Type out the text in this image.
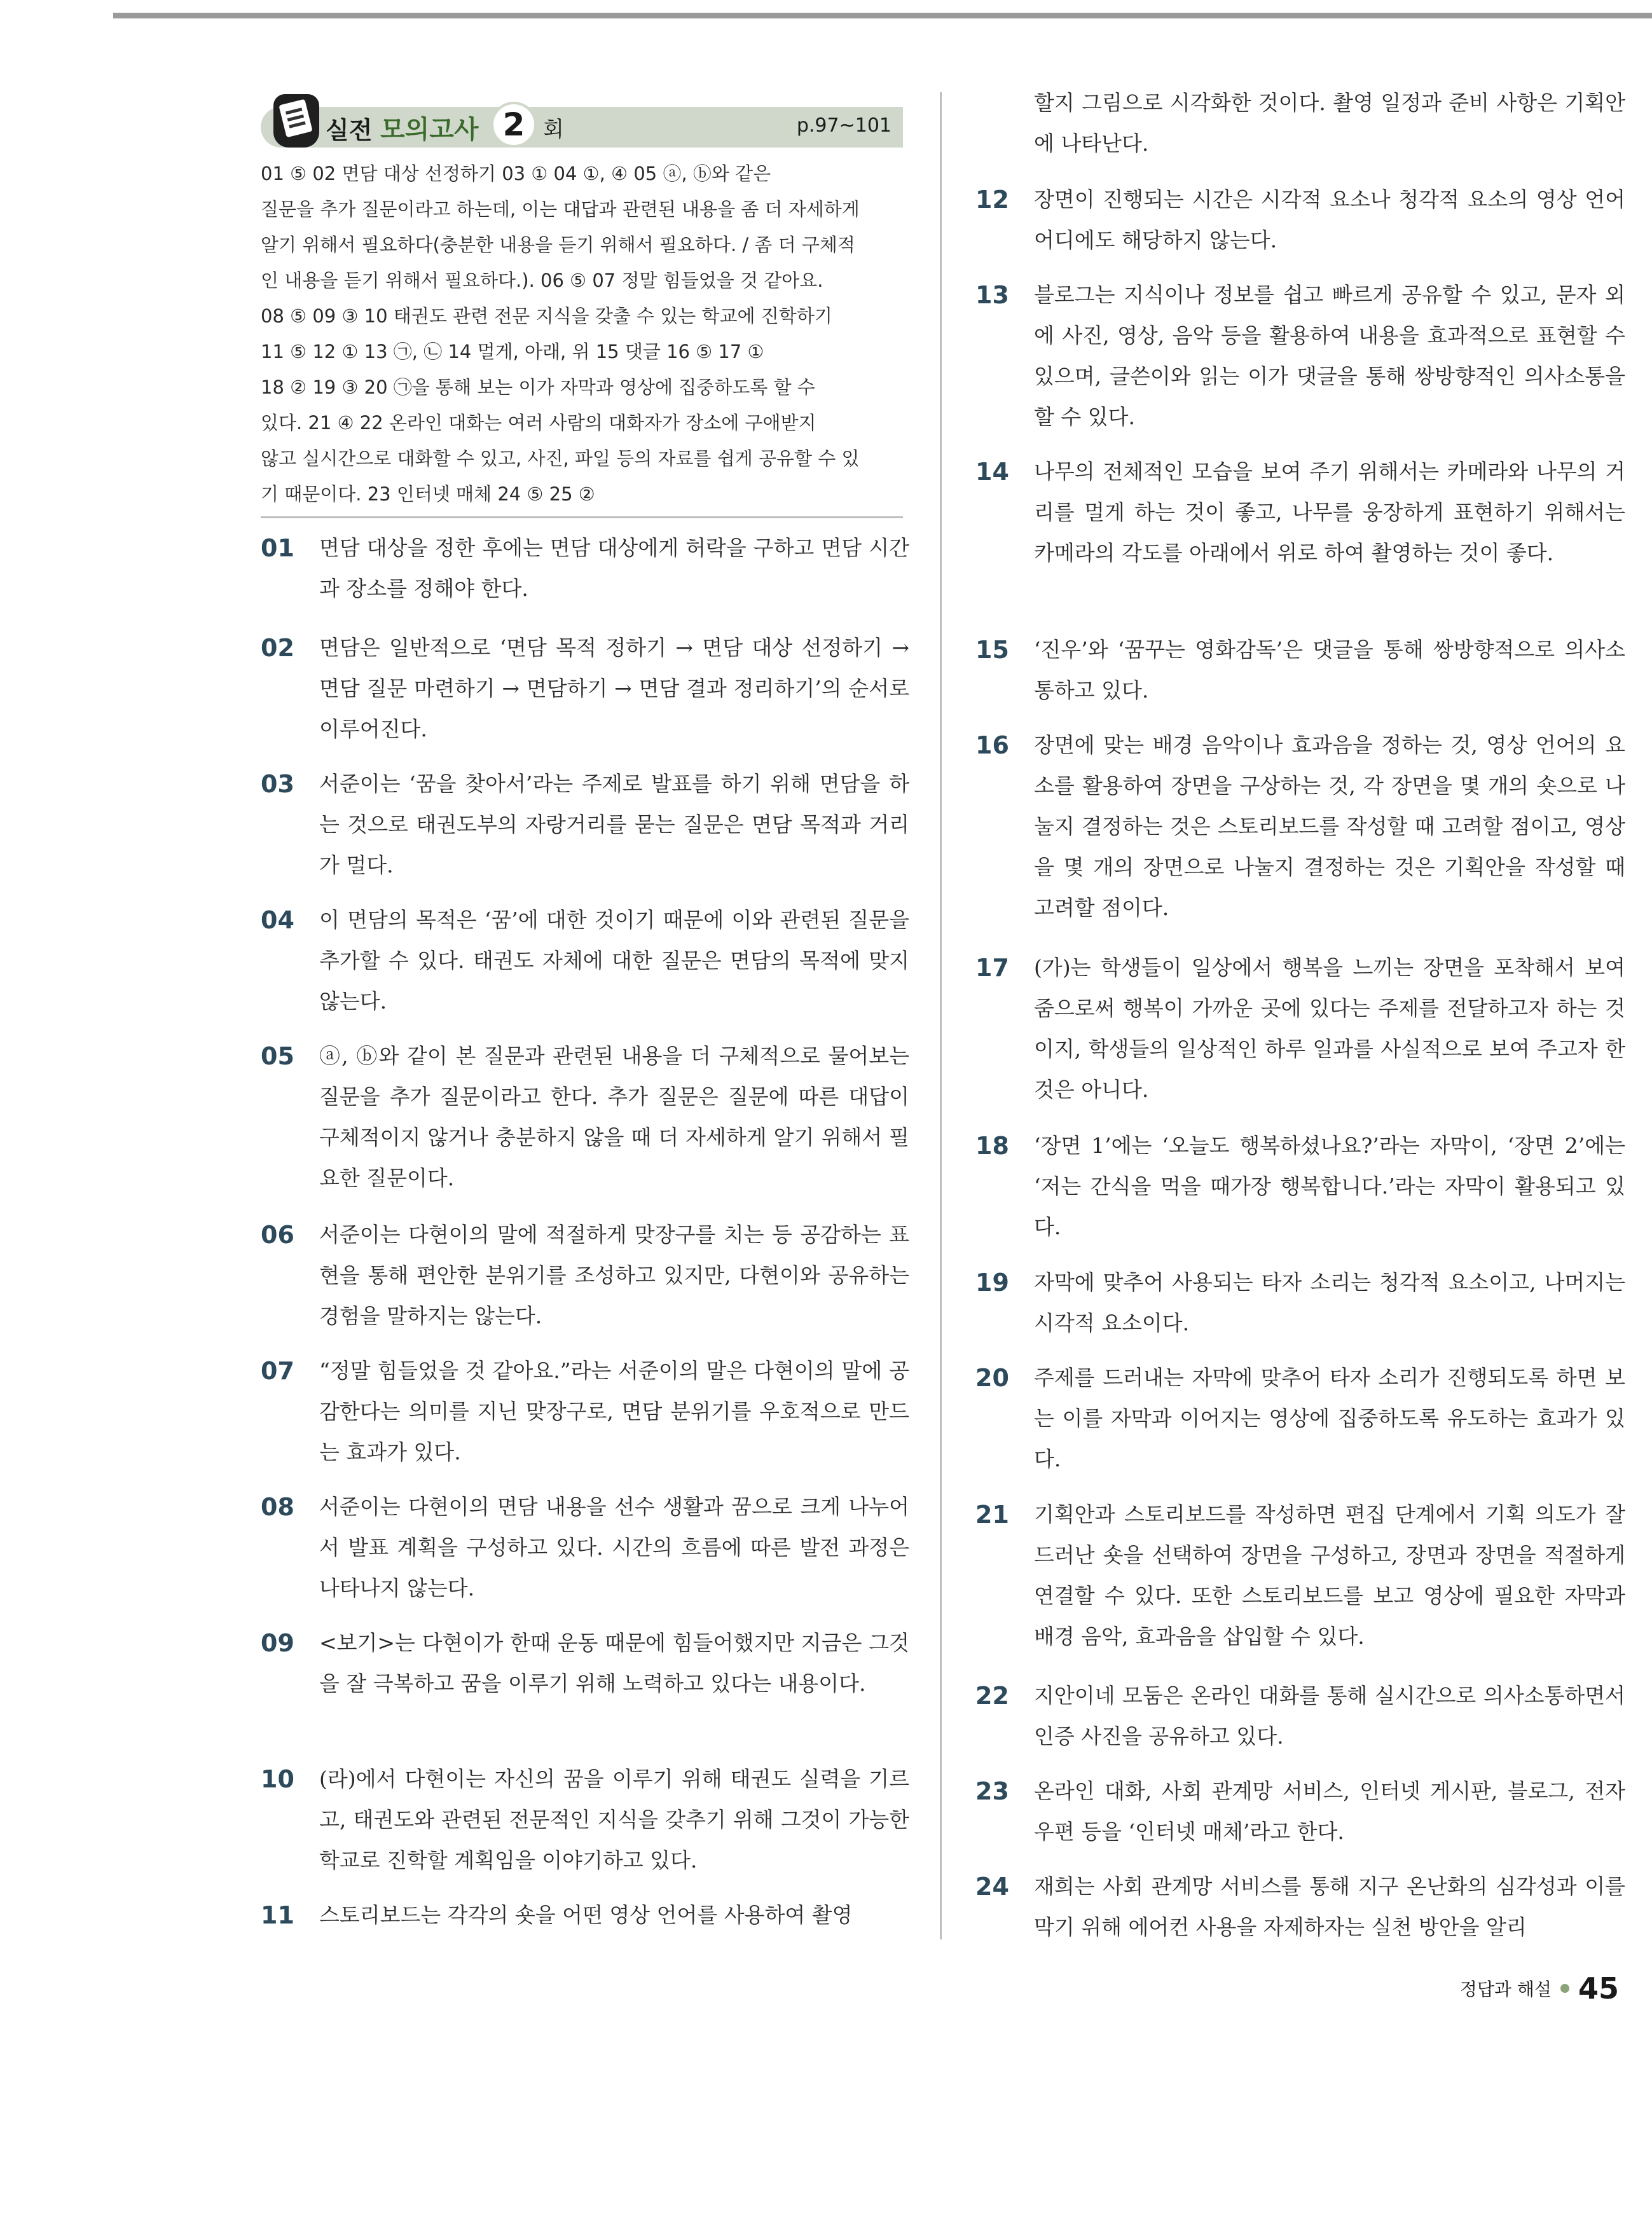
실전 모의고사 2 회	p.97~101

01 ⑤ 02 면담 대상 선정하기 03 ① 04 ①, ④ 05 ⓐ, ⓑ와 같은

질문을 추가 질문이라고 하는데, 이는 대답과 관련된 내용을 좀 더 자세하게

알기 위해서 필요하다(충분한 내용을 듣기 위해서 필요하다. / 좀 더 구체적

인 내용을 듣기 위해서 필요하다.). 06 ⑤ 07 정말 힘들었을 것 같아요.

08 ⑤ 09 ③ 10 태권도 관련 전문 지식을 갖출 수 있는 학교에 진학하기

11 ⑤ 12 ① 13 ㉠, ㉡ 14 멀게, 아래, 위 15 댓글 16 ⑤ 17 ①

18 ② 19 ③ 20 ㉠을 통해 보는 이가 자막과 영상에 집중하도록 할 수

있다. 21 ④ 22 온라인 대화는 여러 사람의 대화자가 장소에 구애받지

않고 실시간으로 대화할 수 있고, 사진, 파일 등의 자료를 쉽게 공유할 수 있

기 때문이다. 23 인터넷 매체 24 ⑤ 25 ②

01 면담 대상을 정한 후에는 면담 대상에게 허락을 구하고 면담 시간과 장소를 정해야 한다.
02 면담은 일반적으로 ‘면담 목적 정하기 → 면담 대상 선정하기 → 면담 질문 마련하기 → 면담하기 → 면담 결과 정리하기’의 순서로 이루어진다.
03 서준이는 ‘꿈을 찾아서’라는 주제로 발표를 하기 위해 면담을 하는 것으로 태권도부의 자랑거리를 묻는 질문은 면담 목적과 거리가 멀다.
04 이 면담의 목적은 ‘꿈’에 대한 것이기 때문에 이와 관련된 질문을 추가할 수 있다. 태권도 자체에 대한 질문은 면담의 목적에 맞지 않는다.
05 ⓐ, ⓑ와 같이 본 질문과 관련된 내용을 더 구체적으로 물어보는 질문을 추가 질문이라고 한다. 추가 질문은 질문에 따른 대답이 구체적이지 않거나 충분하지 않을 때 더 자세하게 알기 위해서 필요한 질문이다.
06 서준이는 다현이의 말에 적절하게 맞장구를 치는 등 공감하는 표현을 통해 편안한 분위기를 조성하고 있지만, 다현이와 공유하는 경험을 말하지는 않는다.
07 “정말 힘들었을 것 같아요.”라는 서준이의 말은 다현이의 말에 공감한다는 의미를 지닌 맞장구로, 면담 분위기를 우호적으로 만드는 효과가 있다.
08 서준이는 다현이의 면담 내용을 선수 생활과 꿈으로 크게 나누어서 발표 계획을 구성하고 있다. 시간의 흐름에 따른 발전 과정은 나타나지 않는다.
09 <보기>는 다현이가 한때 운동 때문에 힘들어했지만 지금은 그것을 잘 극복하고 꿈을 이루기 위해 노력하고 있다는 내용이다.
10 (라)에서 다현이는 자신의 꿈을 이루기 위해 태권도 실력을 기르고, 태권도와 관련된 전문적인 지식을 갖추기 위해 그것이 가능한 학교로 진학할 계획임을 이야기하고 있다.
11 스토리보드는 각각의 숏을 어떤 영상 언어를 사용하여 촬영
할지 그림으로 시각화한 것이다. 촬영 일정과 준비 사항은 기획안에 나타난다.
12 장면이 진행되는 시간은 시각적 요소나 청각적 요소의 영상 언어 어디에도 해당하지 않는다.
13 블로그는 지식이나 정보를 쉽고 빠르게 공유할 수 있고, 문자 외에 사진, 영상, 음악 등을 활용하여 내용을 효과적으로 표현할 수 있으며, 글쓴이와 읽는 이가 댓글을 통해 쌍방향적인 의사소통을 할 수 있다.
14 나무의 전체적인 모습을 보여 주기 위해서는 카메라와 나무의 거리를 멀게 하는 것이 좋고, 나무를 웅장하게 표현하기 위해서는 카메라의 각도를 아래에서 위로 하여 촬영하는 것이 좋다.
15 ‘진우’와 ‘꿈꾸는 영화감독’은 댓글을 통해 쌍방향적으로 의사소통하고 있다.
16 장면에 맞는 배경 음악이나 효과음을 정하는 것, 영상 언어의 요소를 활용하여 장면을 구상하는 것, 각 장면을 몇 개의 숏으로 나눌지 결정하는 것은 스토리보드를 작성할 때 고려할 점이고, 영상을 몇 개의 장면으로 나눌지 결정하는 것은 기획안을 작성할 때 고려할 점이다.
17 (가)는 학생들이 일상에서 행복을 느끼는 장면을 포착해서 보여 줌으로써 행복이 가까운 곳에 있다는 주제를 전달하고자 하는 것이지, 학생들의 일상적인 하루 일과를 사실적으로 보여 주고자 한 것은 아니다.
18 ‘장면 1’에는 ‘오늘도 행복하셨나요?’라는 자막이, ‘장면 2’에는 ‘저는 간식을 먹을 때가장 행복합니다.’라는 자막이 활용되고 있다.
19 자막에 맞추어 사용되는 타자 소리는 청각적 요소이고, 나머지는 시각적 요소이다.
20 주제를 드러내는 자막에 맞추어 타자 소리가 진행되도록 하면 보는 이를 자막과 이어지는 영상에 집중하도록 유도하는 효과가 있다.
21 기획안과 스토리보드를 작성하면 편집 단계에서 기획 의도가 잘 드러난 숏을 선택하여 장면을 구성하고, 장면과 장면을 적절하게 연결할 수 있다. 또한 스토리보드를 보고 영상에 필요한 자막과 배경 음악, 효과음을 삽입할 수 있다.
22 지안이네 모둠은 온라인 대화를 통해 실시간으로 의사소통하면서 인증 사진을 공유하고 있다.
23 온라인 대화, 사회 관계망 서비스, 인터넷 게시판, 블로그, 전자 우편 등을 ‘인터넷 매체’라고 한다.
24 재희는 사회 관계망 서비스를 통해 지구 온난화의 심각성과 이를 막기 위해 에어컨 사용을 자제하자는 실천 방안을 알리
정답과 해설 45
